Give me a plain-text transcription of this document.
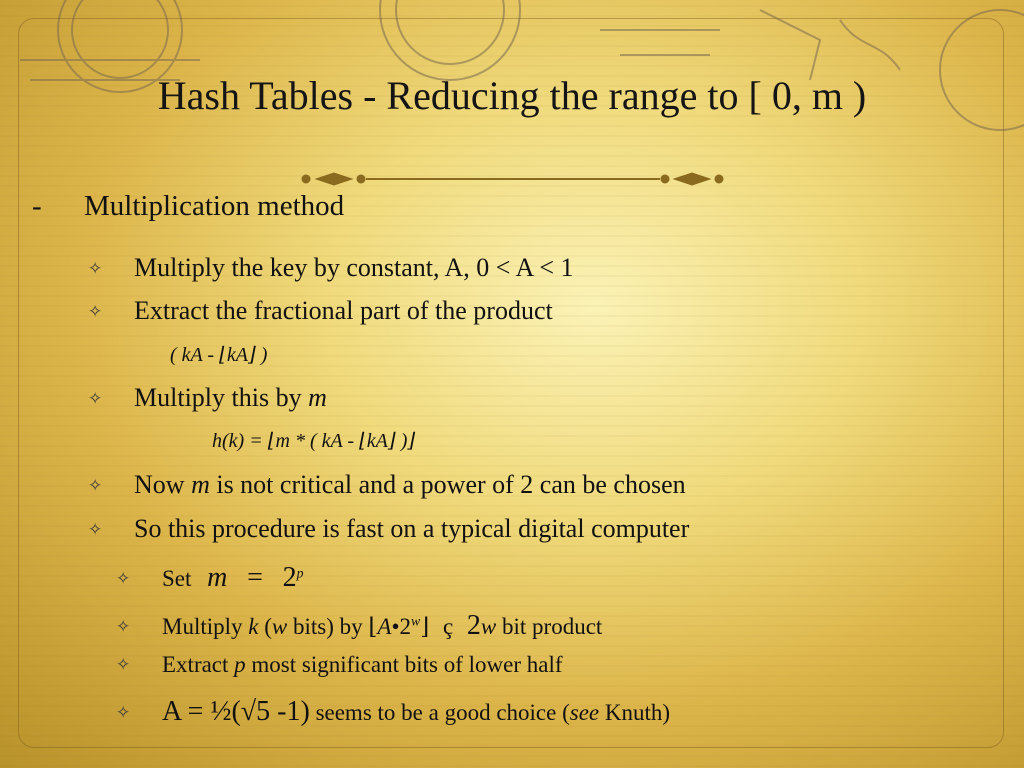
Hash Tables - Reducing the range to [ 0, m )
- Multiplication method
✧ Multiply the key by constant, A, 0 < A < 1
✧ Extract the fractional part of the product
( kA - ⌊kA⌋ )
✧ Multiply this by m
h(k) = ⌊m * ( kA - ⌊kA⌋ )⌋
✧ Now m is not critical and a power of 2 can be chosen
✧ So this procedure is fast on a typical digital computer
✧ Set $m = 2^p$
✧ Multiply k (w bits) by ⌊A•2$^w$⌋ ç 2w bit product
✧ Extract p most significant bits of lower half
✧ A = ½(√5 -1) seems to be a good choice (see Knuth)
